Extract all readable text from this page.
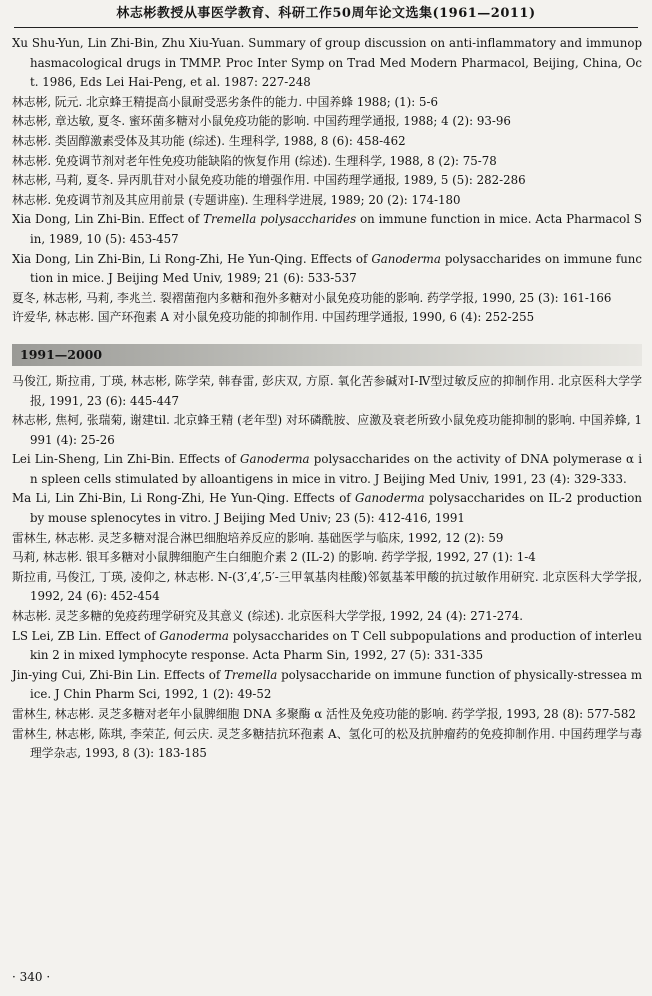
林志彬教授从事医学教育、科研工作50周年论文选集(1961—2011)
Xu Shu-Yun, Lin Zhi-Bin, Zhu Xiu-Yuan. Summary of group discussion on anti-inflammatory and immunophasmacological drugs in TMMP. Proc Inter Symp on Trad Med Modern Pharmacol, Beijing, China, Oct. 1986, Eds Lei Hai-Peng, et al. 1987: 227-248
林志彬, 阮元. 北京蜂王精提高小鼠耐受恶劣条件的能力. 中国养蜂 1988; (1): 5-6
林志彬, 章达敏, 夏冬. 蜜环菌多糖对小鼠免疫功能的影响. 中国药理学通报, 1988; 4 (2): 93-96
林志彬. 类固醇激素受体及其功能 (综述). 生理科学, 1988, 8 (6): 458-462
林志彬. 免疫调节剂对老年性免疫功能缺陷的恢复作用 (综述). 生理科学, 1988, 8 (2): 75-78
林志彬, 马莉, 夏冬. 异丙肌苷对小鼠免疫功能的增强作用. 中国药理学通报, 1989, 5 (5): 282-286
林志彬. 免疫调节剂及其应用前景 (专题讲座). 生理科学进展, 1989; 20 (2): 174-180
Xia Dong, Lin Zhi-Bin. Effect of Tremella polysaccharides on immune function in mice. Acta Pharmacol Sin, 1989, 10 (5): 453-457
Xia Dong, Lin Zhi-Bin, Li Rong-Zhi, He Yun-Qing. Effects of Ganoderma polysaccharides on immune function in mice. J Beijing Med Univ, 1989; 21 (6): 533-537
夏冬, 林志彬, 马莉, 李兆兰. 裂褶菌孢内多糖和孢外多糖对小鼠免疫功能的影响. 药学学报, 1990, 25 (3): 161-166
许爱华, 林志彬. 国产环孢素 A 对小鼠免疫功能的抑制作用. 中国药理学通报, 1990, 6 (4): 252-255
1991—2000
马俊江, 斯拉甫, 丁瑛, 林志彬, 陈学荣, 韩春雷, 彭庆双, 方原. 氧化苦参碱对Ⅰ-Ⅳ型过敏反应的抑制作用. 北京医科大学学报, 1991, 23 (6): 445-447
林志彬, 焦柯, 张瑞菊, 谢建til. 北京蜂王精 (老年型) 对环磷酰胺、应激及衰老所致小鼠免疫功能抑制的影响. 中国养蜂, 1991 (4): 25-26
Lei Lin-Sheng, Lin Zhi-Bin. Effects of Ganoderma polysaccharides on the activity of DNA polymerase α in spleen cells stimulated by alloantigens in mice in vitro. J Beijing Med Univ, 1991, 23 (4): 329-333.
Ma Li, Lin Zhi-Bin, Li Rong-Zhi, He Yun-Qing. Effects of Ganoderma polysaccharides on IL-2 production by mouse splenocytes in vitro. J Beijing Med Univ; 23 (5): 412-416, 1991
雷林生, 林志彬. 灵芝多糖对混合淋巴细胞培养反应的影响. 基础医学与临床, 1992, 12 (2): 59
马莉, 林志彬. 银耳多糖对小鼠脾细胞产生白细胞介素 2 (IL-2) 的影响. 药学学报, 1992, 27 (1): 1-4
斯拉甫, 马俊江, 丁瑛, 凌仰之, 林志彬. N-(3′,4′,5′-三甲氧基肉桂酸)邻氨基苯甲酸的抗过敏作用研究. 北京医科大学学报, 1992, 24 (6): 452-454
林志彬. 灵芝多糖的免疫药理学研究及其意义 (综述). 北京医科大学学报, 1992, 24 (4): 271-274.
LS Lei, ZB Lin. Effect of Ganoderma polysaccharides on T Cell subpopulations and production of interleukin 2 in mixed lymphocyte response. Acta Pharm Sin, 1992, 27 (5): 331-335
Jin-ying Cui, Zhi-Bin Lin. Effects of Tremella polysaccharide on immune function of physically-stressea mice. J Chin Pharm Sci, 1992, 1 (2): 49-52
雷林生, 林志彬. 灵芝多糖对老年小鼠脾细胞 DNA 多聚酶 α 活性及免疫功能的影响. 药学学报, 1993, 28 (8): 577-582
雷林生, 林志彬, 陈琪, 李荣芷, 何云庆. 灵芝多糖拮抗环孢素 A、氢化可的松及抗肿瘤药的免疫抑制作用. 中国药理学与毒理学杂志, 1993, 8 (3): 183-185
· 340 ·
